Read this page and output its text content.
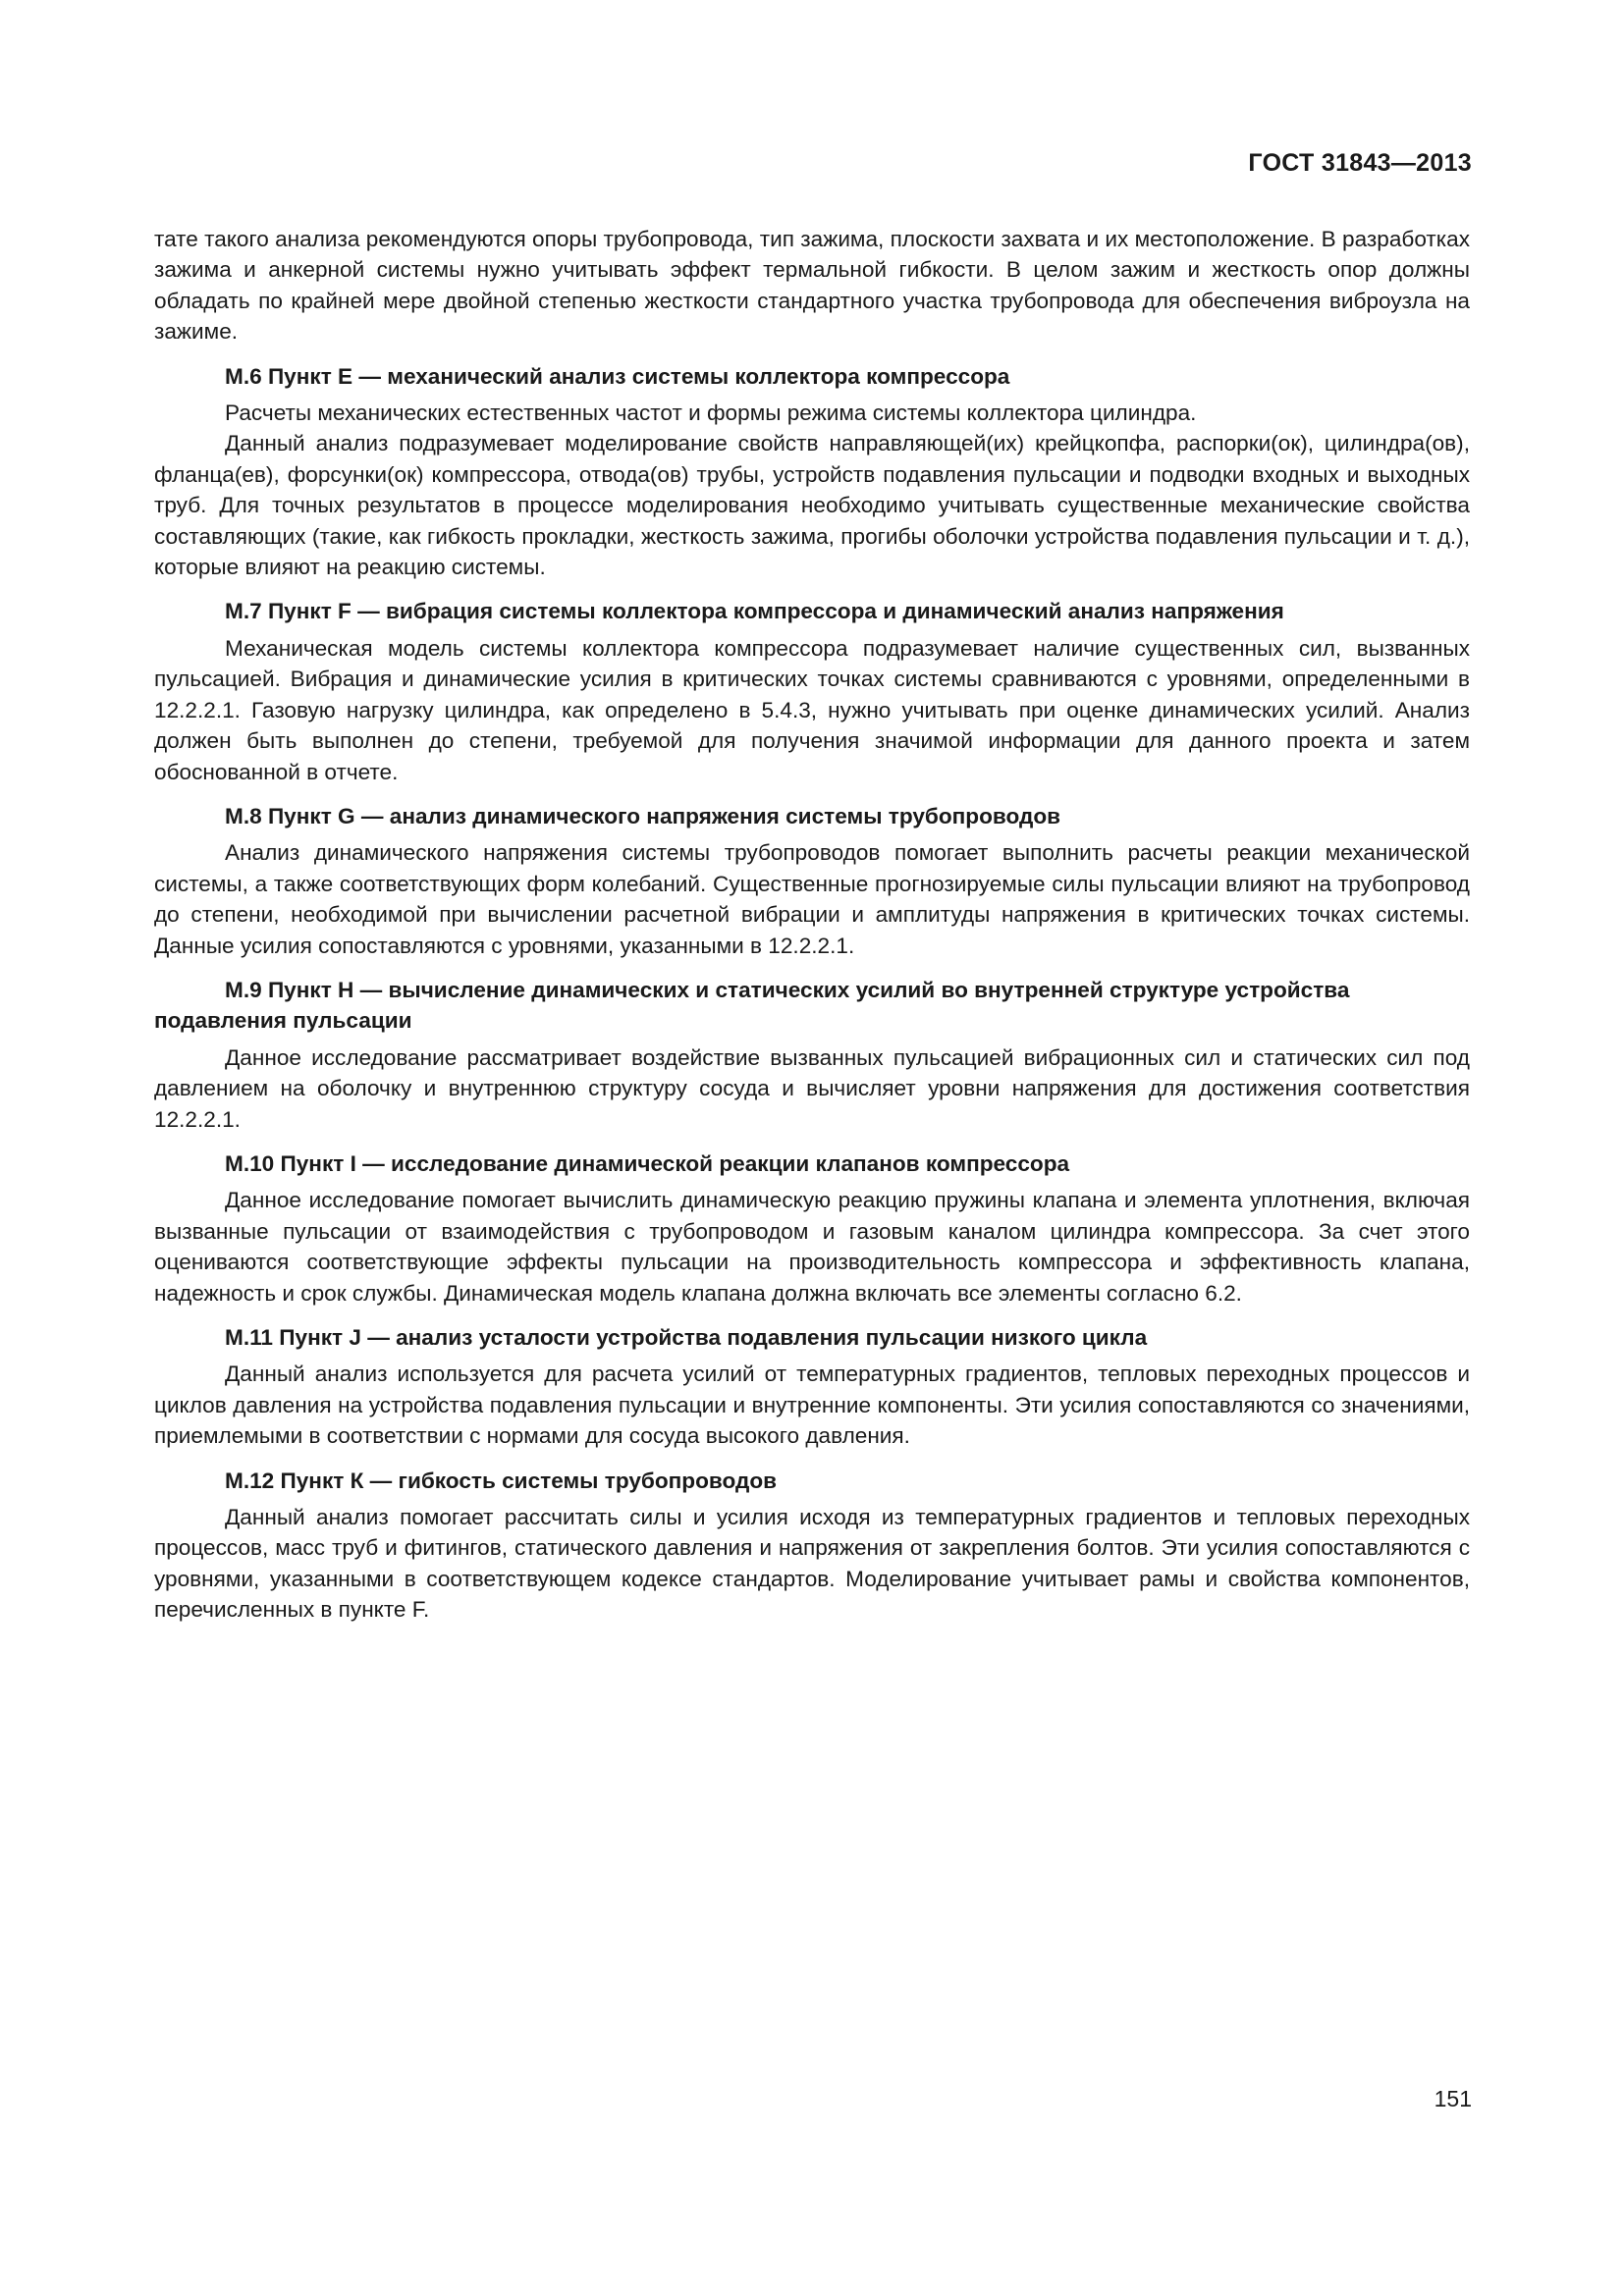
ГОСТ 31843—2013

тате такого анализа рекомендуются опоры трубопровода, тип зажима, плоскости захвата и их местоположение. В разработках зажима и анкерной системы нужно учитывать эффект термальной гибкости. В целом зажим и жесткость опор должны обладать по крайней мере двойной степенью жесткости стандартного участка трубопровода для обеспечения виброузла на зажиме.

М.6 Пункт Е — механический анализ системы коллектора компрессора

Расчеты механических естественных частот и формы режима системы коллектора цилиндра.

Данный анализ подразумевает моделирование свойств направляющей(их) крейцкопфа, распорки(ок), цилиндра(ов), фланца(ев), форсунки(ок) компрессора, отвода(ов) трубы, устройств подавления пульсации и подводки входных и выходных труб. Для точных результатов в процессе моделирования необходимо учитывать существенные механические свойства составляющих (такие, как гибкость прокладки, жесткость зажима, прогибы оболочки устройства подавления пульсации и т. д.), которые влияют на реакцию системы.

М.7 Пункт F — вибрация системы коллектора компрессора и динамический анализ напряжения

Механическая модель системы коллектора компрессора подразумевает наличие существенных сил, вызванных пульсацией. Вибрация и динамические усилия в критических точках системы сравниваются с уровнями, определенными в 12.2.2.1. Газовую нагрузку цилиндра, как определено в 5.4.3, нужно учитывать при оценке динамических усилий. Анализ должен быть выполнен до степени, требуемой для получения значимой информации для данного проекта и затем обоснованной в отчете.

М.8 Пункт G — анализ динамического напряжения системы трубопроводов

Анализ динамического напряжения системы трубопроводов помогает выполнить расчеты реакции механической системы, а также соответствующих форм колебаний. Существенные прогнозируемые силы пульсации влияют на трубопровод до степени, необходимой при вычислении расчетной вибрации и амплитуды напряжения в критических точках системы. Данные усилия сопоставляются с уровнями, указанными в 12.2.2.1.

М.9 Пункт Н — вычисление динамических и статических усилий во внутренней структуре устройства подавления пульсации

Данное исследование рассматривает воздействие вызванных пульсацией вибрационных сил и статических сил под давлением на оболочку и внутреннюю структуру сосуда и вычисляет уровни напряжения для достижения соответствия 12.2.2.1.

М.10 Пункт I — исследование динамической реакции клапанов компрессора

Данное исследование помогает вычислить динамическую реакцию пружины клапана и элемента уплотнения, включая вызванные пульсации от взаимодействия с трубопроводом и газовым каналом цилиндра компрессора. За счет этого оцениваются соответствующие эффекты пульсации на производительность компрессора и эффективность клапана, надежность и срок службы. Динамическая модель клапана должна включать все элементы согласно 6.2.

М.11 Пункт J — анализ усталости устройства подавления пульсации низкого цикла

Данный анализ используется для расчета усилий от температурных градиентов, тепловых переходных процессов и циклов давления на устройства подавления пульсации и внутренние компоненты. Эти усилия сопоставляются со значениями, приемлемыми в соответствии с нормами для сосуда высокого давления.

М.12 Пункт К — гибкость системы трубопроводов

Данный анализ помогает рассчитать силы и усилия исходя из температурных градиентов и тепловых переходных процессов, масс труб и фитингов, статического давления и напряжения от закрепления болтов. Эти усилия сопоставляются с уровнями, указанными в соответствующем кодексе стандартов. Моделирование учитывает рамы и свойства компонентов, перечисленных в пункте F.

151
